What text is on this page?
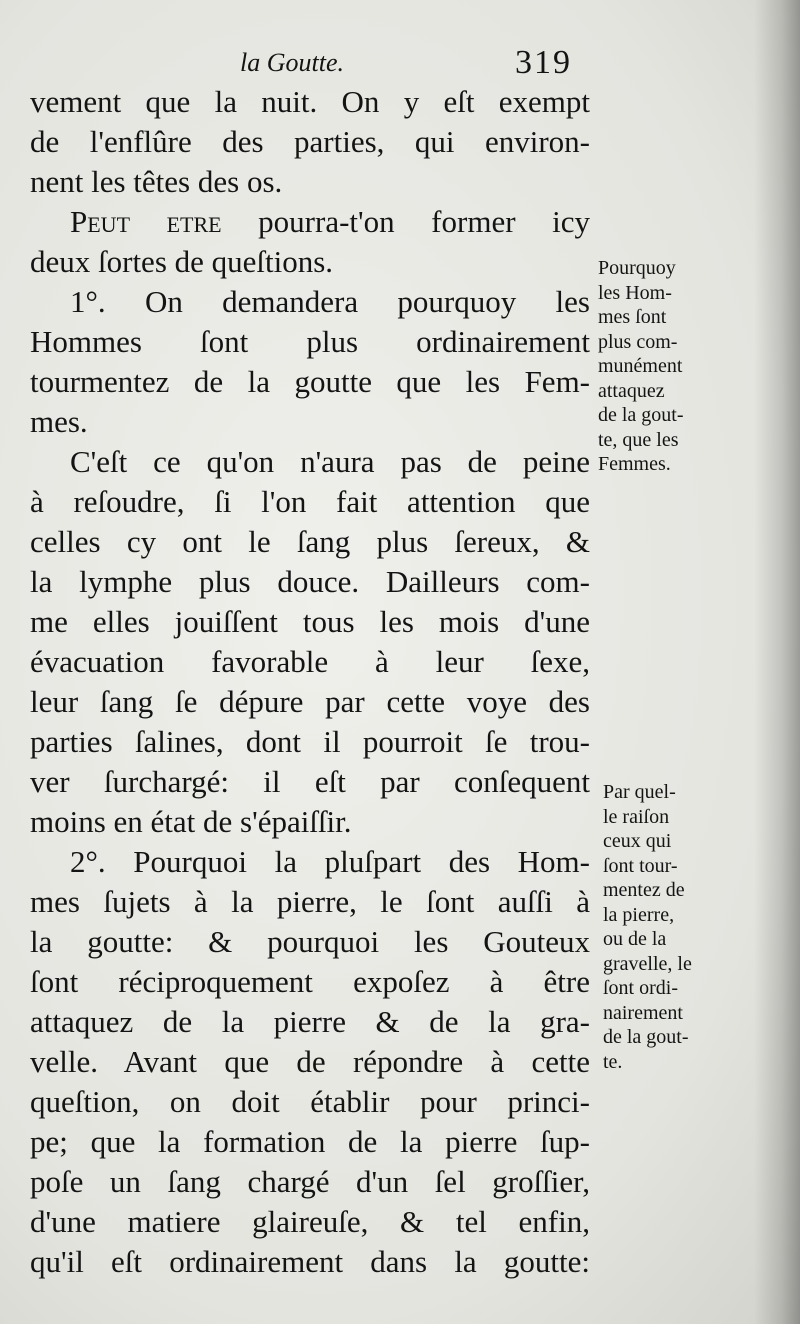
la Goutte.	319
vement que la nuit. On y eſt exempt
de l'enflûre des parties, qui environ-
nent les têtes des os.
Peut etre pourra-t'on former icy
deux ſortes de queſtions.
1°. On demandera pourquoy les
Hommes ſont plus ordinairement
tourmentez de la goutte que les Fem-
mes.
C'eſt ce qu'on n'aura pas de peine
à reſoudre, ſi l'on fait attention que
celles cy ont le ſang plus ſereux, &
la lymphe plus douce. Dailleurs com-
me elles jouiſſent tous les mois d'une
évacuation favorable à leur ſexe,
leur ſang ſe dépure par cette voye des
parties ſalines, dont il pourroit ſe trou-
ver ſurchargé: il eſt par conſequent
moins en état de s'épaiſſir.
2°. Pourquoi la pluſpart des Hom-
mes ſujets à la pierre, le ſont auſſi à
la goutte: & pourquoi les Gouteux
ſont réciproquement expoſez à être
attaquez de la pierre & de la gra-
velle. Avant que de répondre à cette
queſtion, on doit établir pour princi-
pe; que la formation de la pierre ſup-
poſe un ſang chargé d'un ſel groſſier,
d'une matiere glaireuſe, & tel enfin,
qu'il eſt ordinairement dans la goutte:
Pourquoy
les Hom-
mes ſont
plus com-
munément
attaquez
de la gout-
te, que les
Femmes.
Par quel-
le raiſon
ceux qui
ſont tour-
mentez de
la pierre,
ou de la
gravelle, le
ſont ordi-
nairement
de la gout-
te.
